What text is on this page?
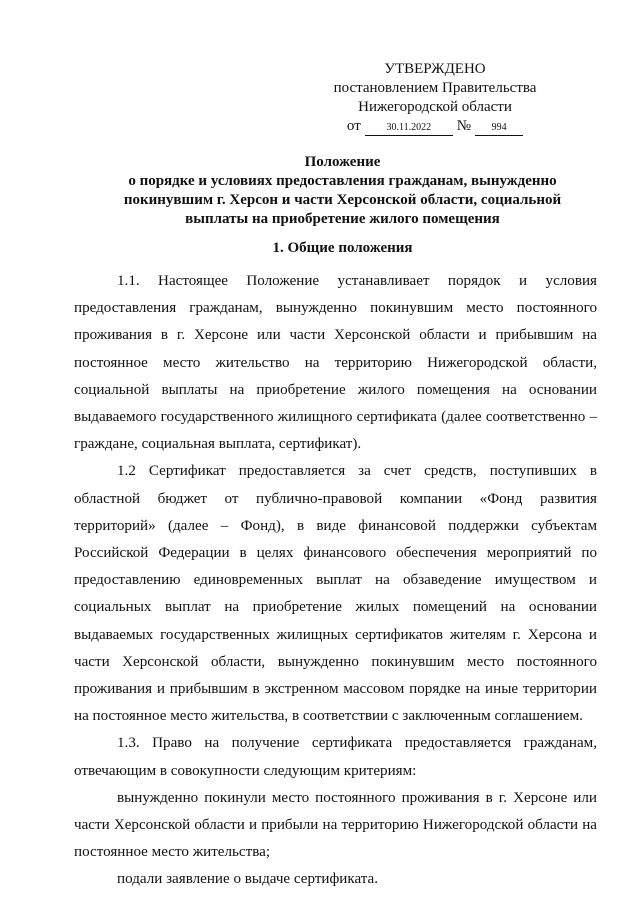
УТВЕРЖДЕНО
постановлением Правительства
Нижегородской области
от	30.11.2022	№	994
Положение
о порядке и условиях предоставления гражданам, вынужденно
покинувшим г. Херсон и части Херсонской области, социальной
выплаты на приобретение жилого помещения
1. Общие положения

1.1. Настоящее Положение устанавливает порядок и условия предоставления гражданам, вынужденно покинувшим место постоянного проживания в г. Херсоне или части Херсонской области и прибывшим на постоянное место жительство на территорию Нижегородской области, социальной выплаты на приобретение жилого помещения на основании выдаваемого государственного жилищного сертификата (далее соответственно – граждане, социальная выплата, сертификат).

1.2 Сертификат предоставляется за счет средств, поступивших в областной бюджет от публично-правовой компании «Фонд развития территорий» (далее – Фонд), в виде финансовой поддержки субъектам Российской Федерации в целях финансового обеспечения мероприятий по предоставлению единовременных выплат на обзаведение имуществом и социальных выплат на приобретение жилых помещений на основании выдаваемых государственных жилищных сертификатов жителям г. Херсона и части Херсонской области, вынужденно покинувшим место постоянного проживания и прибывшим в экстренном массовом порядке на иные территории на постоянное место жительства, в соответствии с заключенным соглашением.

1.3. Право на получение сертификата предоставляется гражданам, отвечающим в совокупности следующим критериям:

вынужденно покинули место постоянного проживания в г. Херсоне или части Херсонской области и прибыли на территорию Нижегородской области на постоянное место жительства;

подали заявление о выдаче сертификата.
